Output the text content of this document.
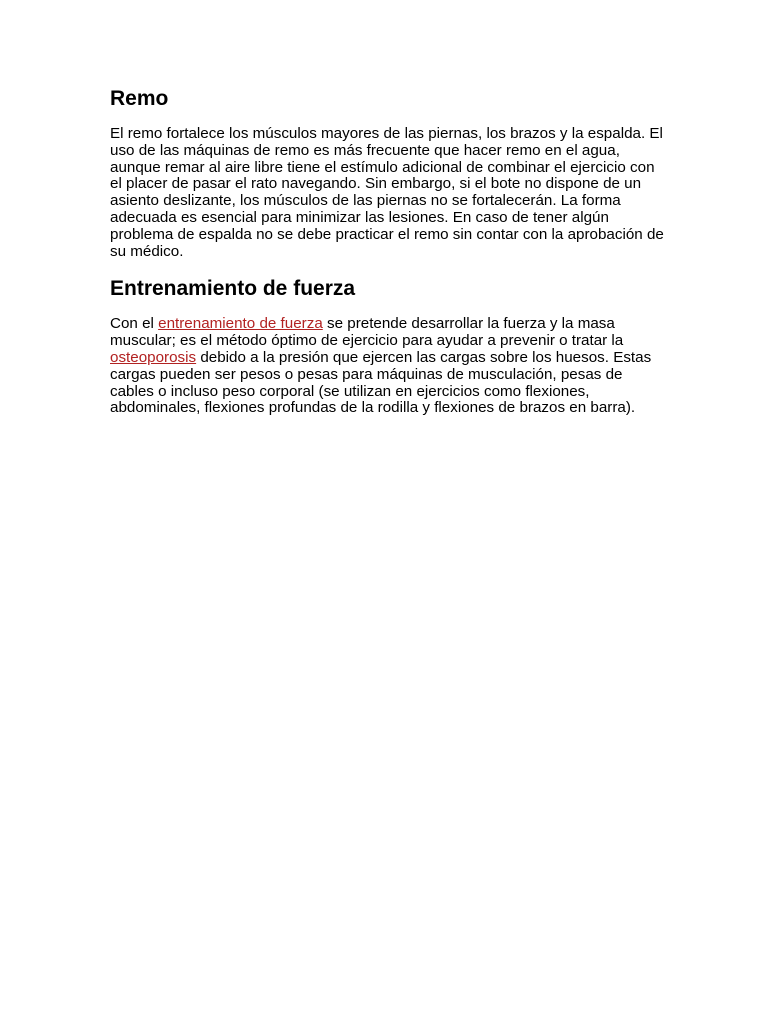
Remo

El remo fortalece los músculos mayores de las piernas, los brazos y la espalda. El uso de las máquinas de remo es más frecuente que hacer remo en el agua, aunque remar al aire libre tiene el estímulo adicional de combinar el ejercicio con el placer de pasar el rato navegando. Sin embargo, si el bote no dispone de un asiento deslizante, los músculos de las piernas no se fortalecerán. La forma adecuada es esencial para minimizar las lesiones. En caso de tener algún problema de espalda no se debe practicar el remo sin contar con la aprobación de su médico.

Entrenamiento de fuerza

Con el entrenamiento de fuerza se pretende desarrollar la fuerza y la masa muscular; es el método óptimo de ejercicio para ayudar a prevenir o tratar la osteoporosis debido a la presión que ejercen las cargas sobre los huesos. Estas cargas pueden ser pesos o pesas para máquinas de musculación, pesas de cables o incluso peso corporal (se utilizan en ejercicios como flexiones, abdominales, flexiones profundas de la rodilla y flexiones de brazos en barra).
